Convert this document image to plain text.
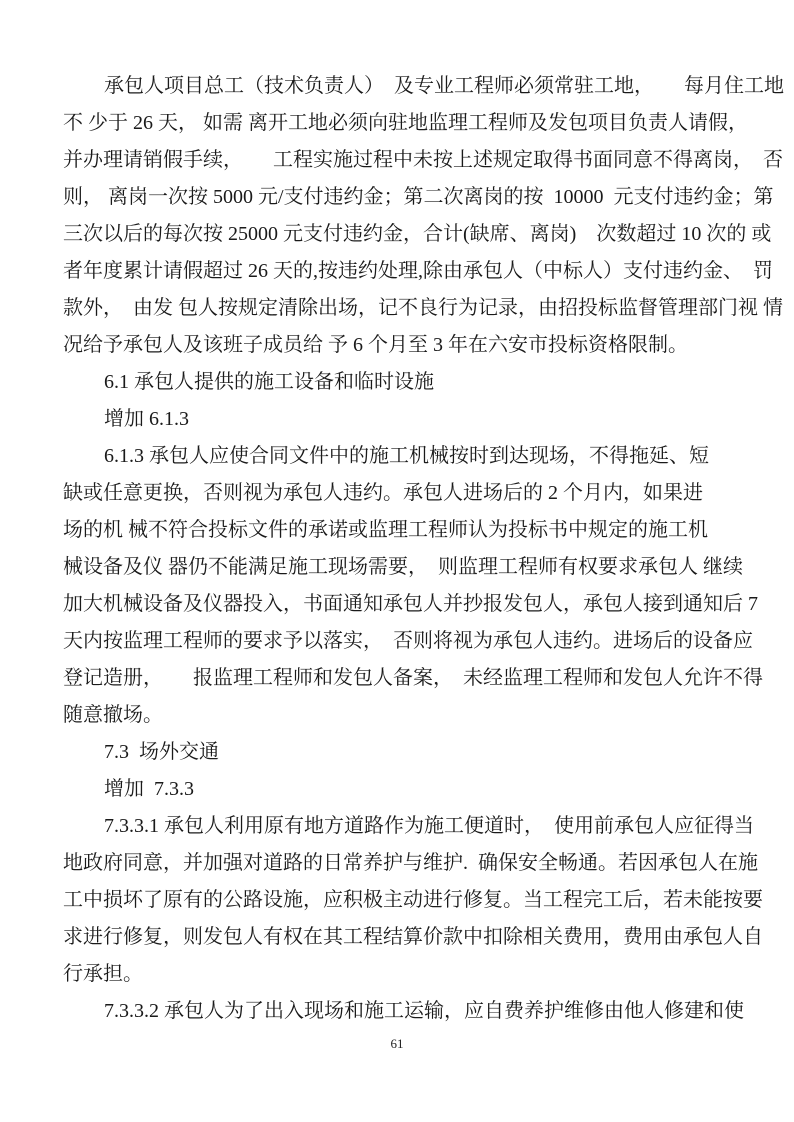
承包人项目总工（技术负责人）　及专业工程师必须常驻工地，　　每月住工地
不 少于 26 天， 如需 离开工地必须向驻地监理工程师及发包项目负责人请假，
并办理请销假手续，　　工程实施过程中未按上述规定取得书面同意不得离岗，　否
则， 离岗一次按 5000 元/支付违约金；第二次离岗的按  10000  元支付违约金；第
三次以后的每次按 25000 元支付违约金，合计(缺席、离岗)　次数超过 10 次的 或
者年度累计请假超过 26 天的,按违约处理,除由承包人（中标人）支付违约金、　罚
款外，　由发 包人按规定清除出场，记不良行为记录，由招投标监督管理部门视 情
况给予承包人及该班子成员给 予 6 个月至 3 年在六安市投标资格限制。
6.1 承包人提供的施工设备和临时设施
增加 6.1.3
6.1.3 承包人应使合同文件中的施工机械按时到达现场，不得拖延、短
缺或任意更换，否则视为承包人违约。承包人进场后的 2 个月内，如果进
场的机 械不符合投标文件的承诺或监理工程师认为投标书中规定的施工机
械设备及仪 器仍不能满足施工现场需要，　则监理工程师有权要求承包人 继续
加大机械设备及仪器投入，书面通知承包人并抄报发包人，承包人接到通知后 7
天内按监理工程师的要求予以落实，　否则将视为承包人违约。进场后的设备应
登记造册，　　报监理工程师和发包人备案，　未经监理工程师和发包人允许不得
随意撤场。
7.3  场外交通
增加  7.3.3
7.3.3.1 承包人利用原有地方道路作为施工便道时，　使用前承包人应征得当
地政府同意，并加强对道路的日常养护与维护.  确保安全畅通。若因承包人在施
工中损坏了原有的公路设施，应积极主动进行修复。当工程完工后，若未能按要
求进行修复，则发包人有权在其工程结算价款中扣除相关费用，费用由承包人自
行承担。
7.3.3.2 承包人为了出入现场和施工运输，应自费养护维修由他人修建和使
61
